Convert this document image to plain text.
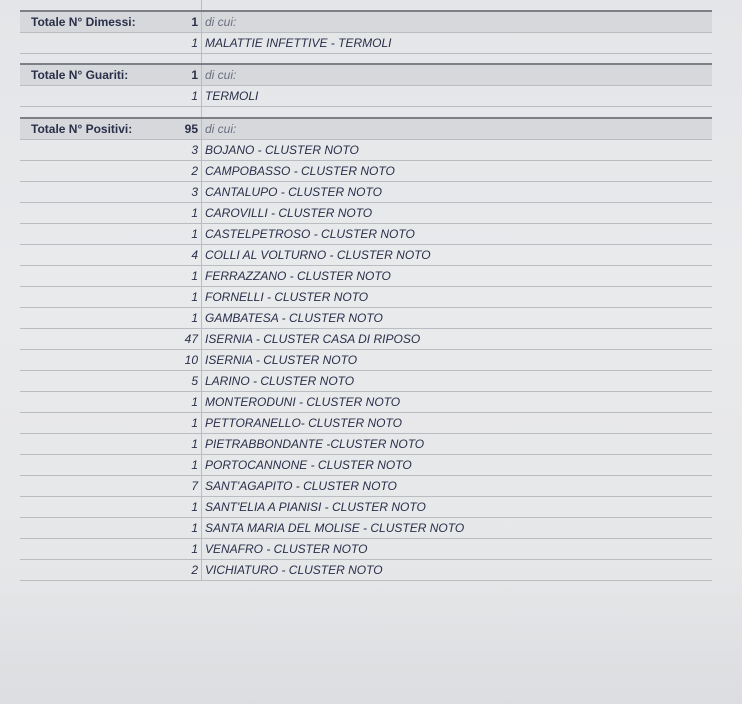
Totale N° Dimessi:	1 di cui:
1 MALATTIE INFETTIVE - TERMOLI
Totale N° Guariti:	1 di cui:
1 TERMOLI
Totale N° Positivi:	95 di cui:
3 BOJANO - CLUSTER NOTO
2 CAMPOBASSO - CLUSTER NOTO
3 CANTALUPO - CLUSTER NOTO
1 CAROVILLI - CLUSTER NOTO
1 CASTELPETROSO - CLUSTER NOTO
4 COLLI AL VOLTURNO - CLUSTER NOTO
1 FERRAZZANO - CLUSTER NOTO
1 FORNELLI - CLUSTER NOTO
1 GAMBATESA - CLUSTER NOTO
47 ISERNIA - CLUSTER CASA DI RIPOSO
10 ISERNIA - CLUSTER NOTO
5 LARINO - CLUSTER NOTO
1 MONTERODUNI - CLUSTER NOTO
1 PETTORANELLO- CLUSTER NOTO
1 PIETRABBONDANTE -CLUSTER NOTO
1 PORTOCANNONE - CLUSTER NOTO
7 SANT'AGAPITO - CLUSTER NOTO
1 SANT'ELIA A PIANISI - CLUSTER NOTO
1 SANTA MARIA DEL MOLISE - CLUSTER NOTO
1 VENAFRO - CLUSTER NOTO
2 VICHIATURO - CLUSTER NOTO
